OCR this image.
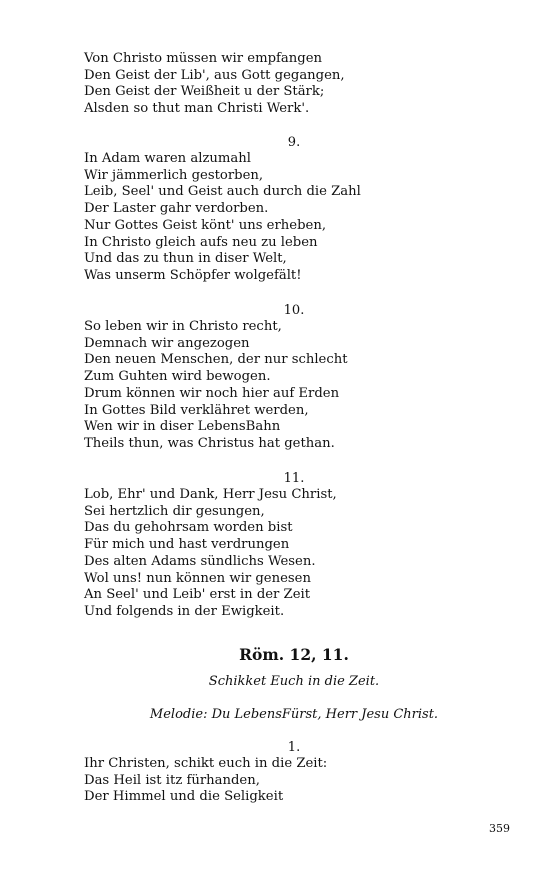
Von Christo müssen wir empfangen
Den Geist der Lib', aus Gott gegangen,
Den Geist der Weißheit u der Stärk;
Alsden so thut man Christi Werk'.
9.
In Adam waren alzumahl
Wir jämmerlich gestorben,
Leib, Seel' und Geist auch durch die Zahl
Der Laster gahr verdorben.
Nur Gottes Geist könt' uns erheben,
In Christo gleich aufs neu zu leben
Und das zu thun in diser Welt,
Was unserm Schöpfer wolgefält!
10.
So leben wir in Christo recht,
Demnach wir angezogen
Den neuen Menschen, der nur schlecht
Zum Guhten wird bewogen.
Drum können wir noch hier auf Erden
In Gottes Bild verklähret werden,
Wen wir in diser LebensBahn
Theils thun, was Christus hat gethan.
11.
Lob, Ehr' und Dank, Herr Jesu Christ,
Sei hertzlich dir gesungen,
Das du gehohrsam worden bist
Für mich und hast verdrungen
Des alten Adams sündlichs Wesen.
Wol uns! nun können wir genesen
An Seel' und Leib' erst in der Zeit
Und folgends in der Ewigkeit.
Röm. 12, 11.
Schikket Euch in die Zeit.
Melodie: Du LebensFürst, Herr Jesu Christ.
1.
Ihr Christen, schikt euch in die Zeit:
Das Heil ist itz fürhanden,
Der Himmel und die Seligkeit
359
